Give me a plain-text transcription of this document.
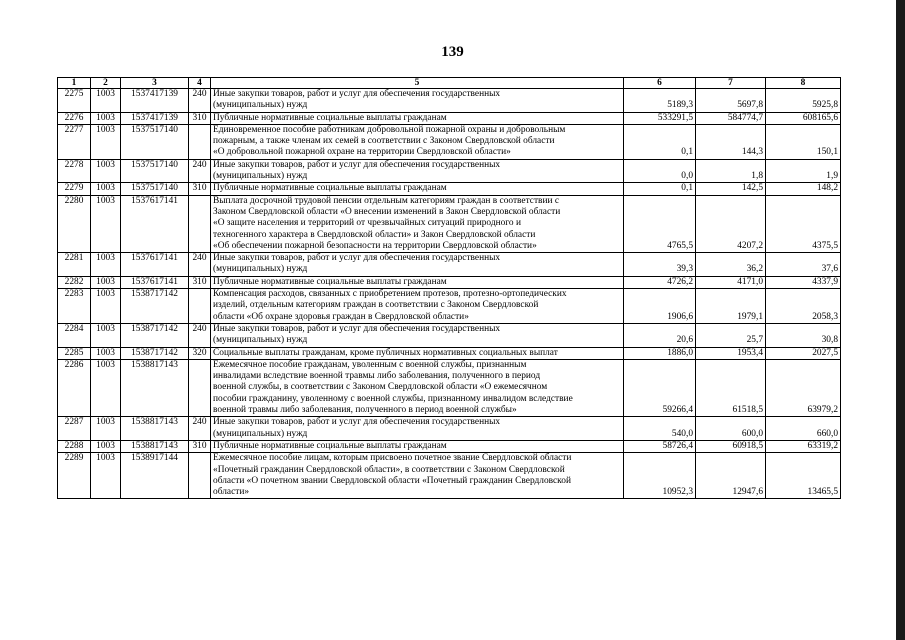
139
1	2	3	4	5	6	7	8
2275	1003	1537417139	240	Иные закупки товаров, работ и услуг для обеспечения государственных
(муниципальных) нужд	5189,3	5697,8	5925,8
2276	1003	1537417139	310	Публичные нормативные социальные выплаты гражданам	533291,5	584774,7	608165,6
2277	1003	1537517140		Единовременное пособие работникам добровольной пожарной охраны и добровольным
пожарным, а также членам их семей в соответствии с Законом Свердловской области
«О добровольной пожарной охране на территории Свердловской области»	0,1	144,3	150,1
2278	1003	1537517140	240	Иные закупки товаров, работ и услуг для обеспечения государственных
(муниципальных) нужд	0,0	1,8	1,9
2279	1003	1537517140	310	Публичные нормативные социальные выплаты гражданам	0,1	142,5	148,2
2280	1003	1537617141		Выплата досрочной трудовой пенсии отдельным категориям граждан в соответствии с
Законом Свердловской области «О внесении изменений в Закон Свердловской области
«О защите населения и территорий от чрезвычайных ситуаций природного и
техногенного характера в Свердловской области» и Закон Свердловской области
«Об обеспечении пожарной безопасности на территории Свердловской области»	4765,5	4207,2	4375,5
2281	1003	1537617141	240	Иные закупки товаров, работ и услуг для обеспечения государственных
(муниципальных) нужд	39,3	36,2	37,6
2282	1003	1537617141	310	Публичные нормативные социальные выплаты гражданам	4726,2	4171,0	4337,9
2283	1003	1538717142		Компенсация расходов, связанных с приобретением протезов, протезно-ортопедических
изделий, отдельным категориям граждан в соответствии с Законом Свердловской
области «Об охране здоровья граждан в Свердловской области»	1906,6	1979,1	2058,3
2284	1003	1538717142	240	Иные закупки товаров, работ и услуг для обеспечения государственных
(муниципальных) нужд	20,6	25,7	30,8
2285	1003	1538717142	320	Социальные выплаты гражданам, кроме публичных нормативных социальных выплат	1886,0	1953,4	2027,5
2286	1003	1538817143		Ежемесячное пособие гражданам, уволенным с военной службы, признанным
инвалидами вследствие военной травмы либо заболевания, полученного в период
военной службы, в соответствии с Законом Свердловской области «О ежемесячном
пособии гражданину, уволенному с военной службы, признанному инвалидом вследствие
военной травмы либо заболевания, полученного в период военной службы»	59266,4	61518,5	63979,2
2287	1003	1538817143	240	Иные закупки товаров, работ и услуг для обеспечения государственных
(муниципальных) нужд	540,0	600,0	660,0
2288	1003	1538817143	310	Публичные нормативные социальные выплаты гражданам	58726,4	60918,5	63319,2
2289	1003	1538917144		Ежемесячное пособие лицам, которым присвоено почетное звание Свердловской области
«Почетный гражданин Свердловской области», в соответствии с Законом Свердловской
области «О почетном звании Свердловской области «Почетный гражданин Свердловской
области»	10952,3	12947,6	13465,5
